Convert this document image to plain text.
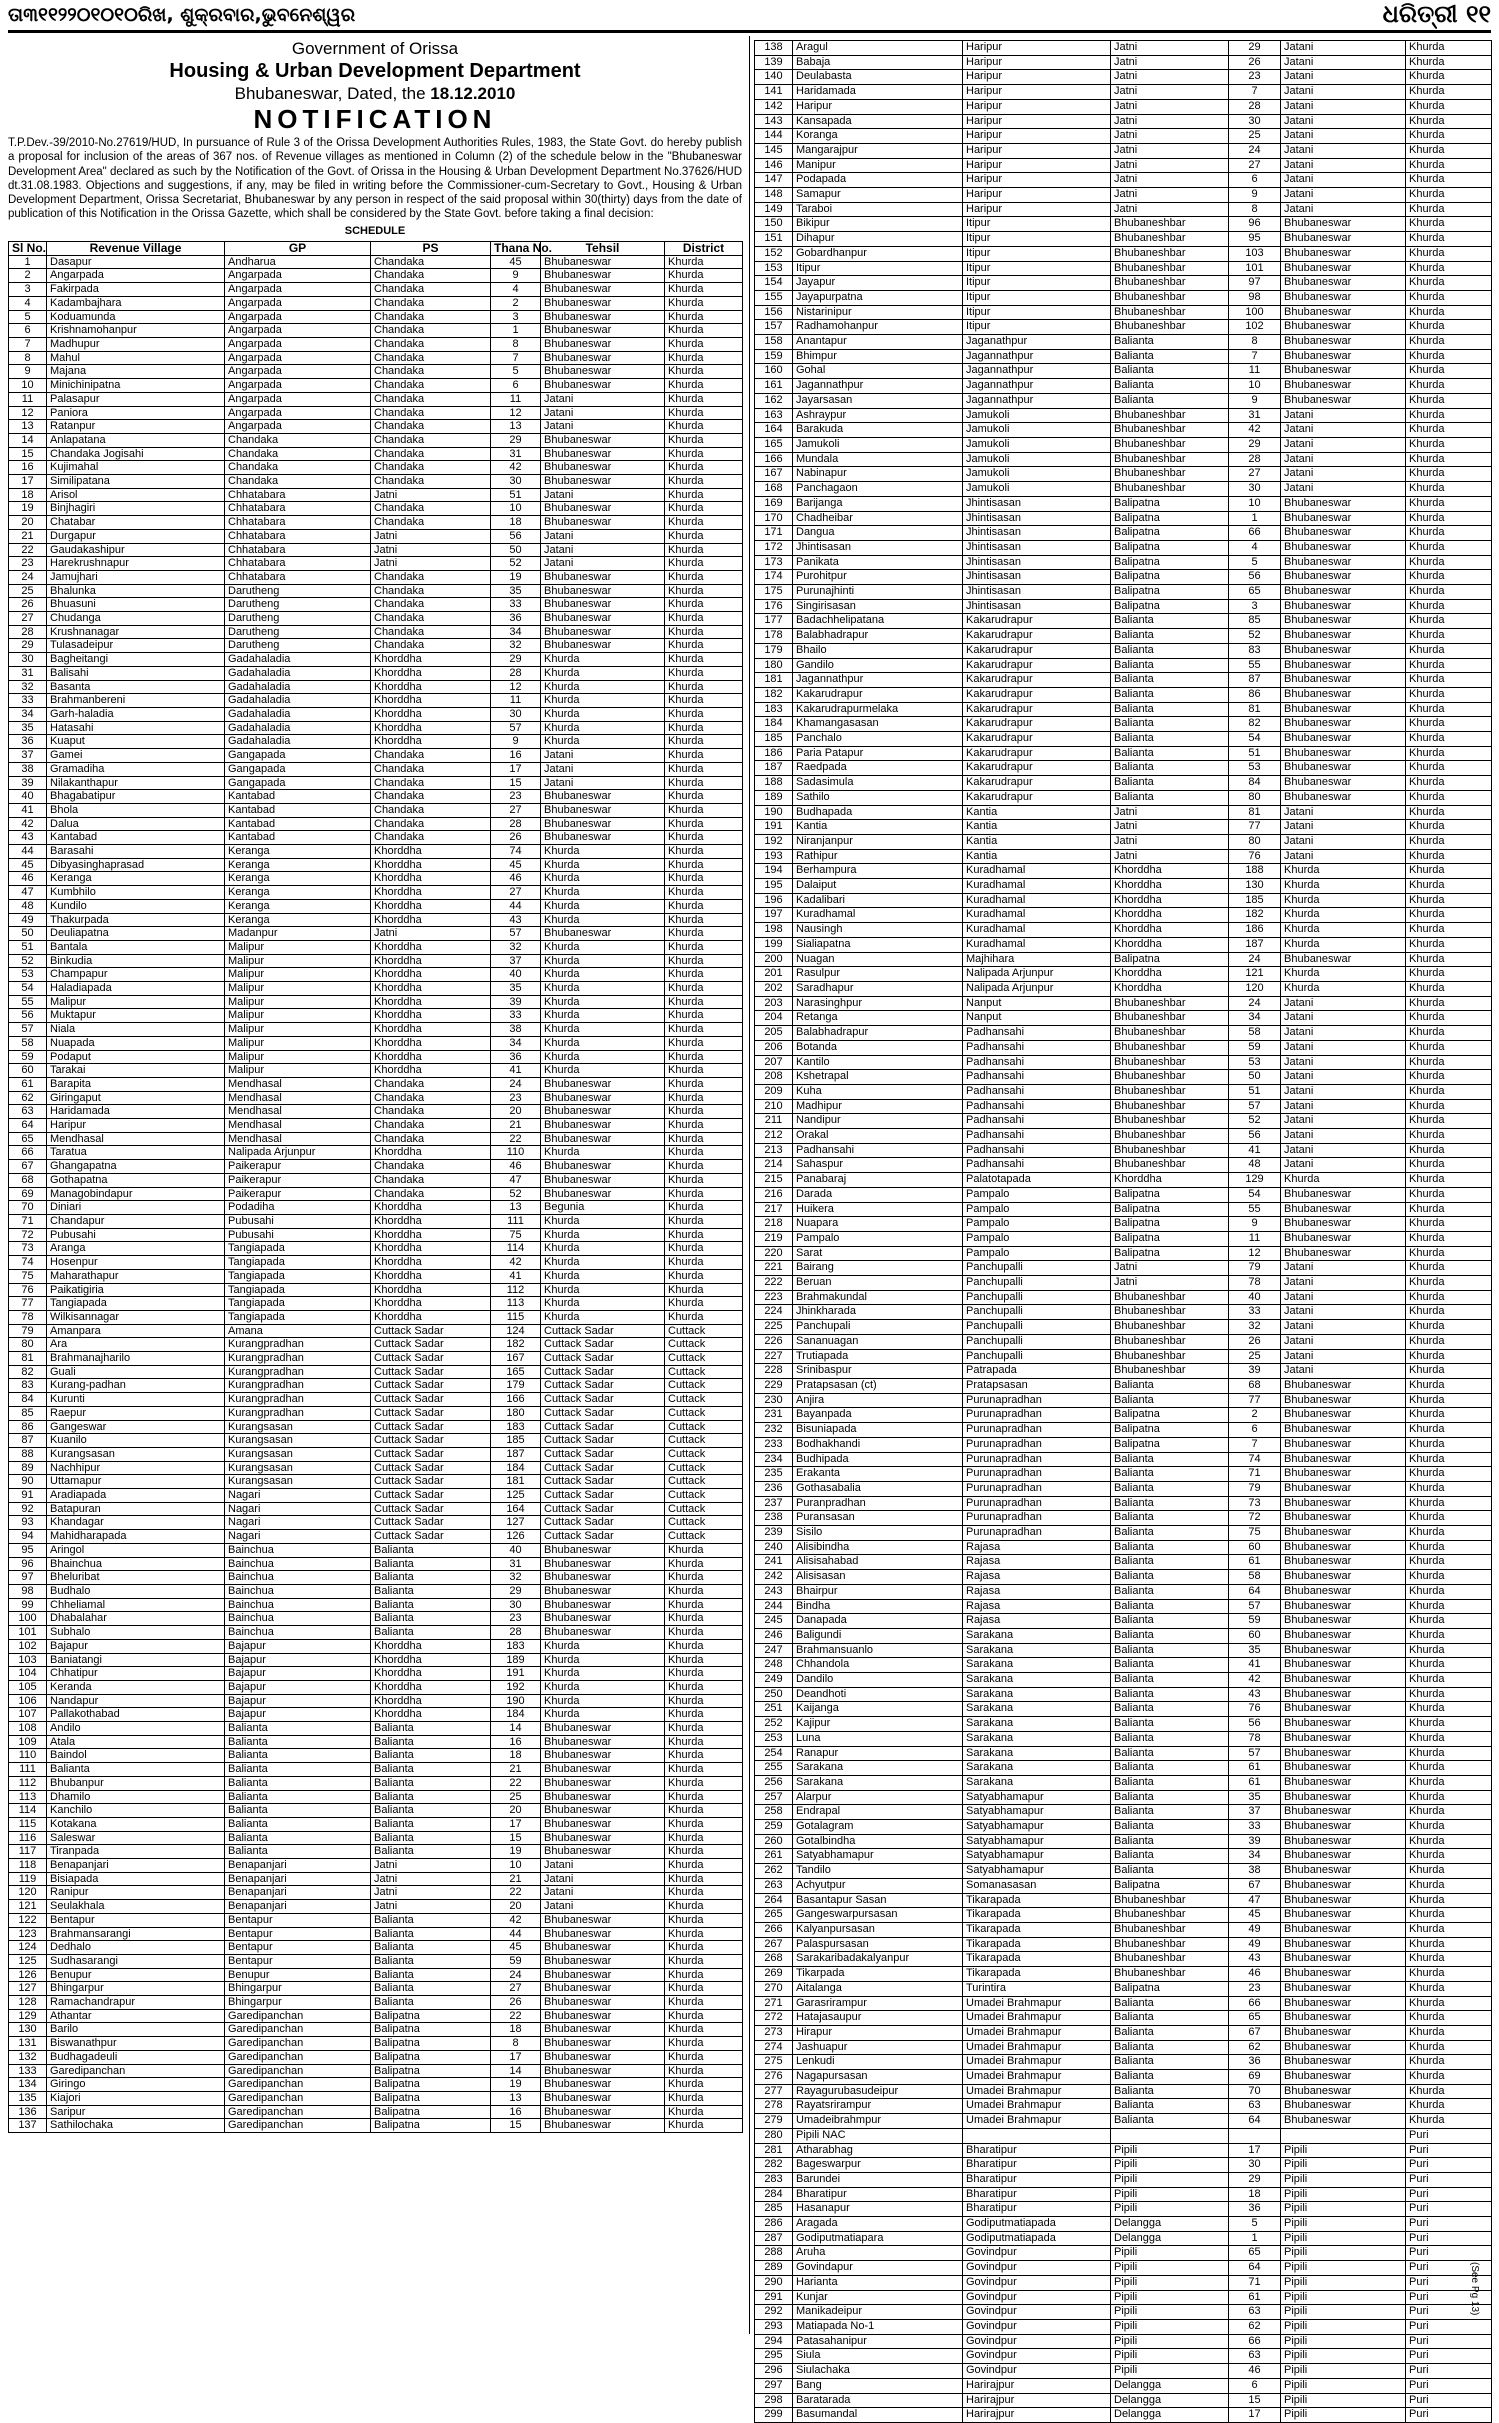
ତା୩୧୧୨୨୦୧୦୧୦ରିଖ, ଶୁକ୍ରବାର,ଭୁବନେଶ୍ୱର	ଧରିତ୍ରୀ ୧୧
Government of Orissa
Housing & Urban Development Department
Bhubaneswar, Dated, the 18.12.2010
NOTIFICATION
T.P.Dev.-39/2010-No.27619/HUD, In pursuance of Rule 3 of the Orissa Development Authorities Rules, 1983, the State Govt. do hereby publish a proposal for inclusion of the areas of 367 nos. of Revenue villages as mentioned in Column (2) of the schedule below in the "Bhubaneswar Development Area" declared as such by the Notification of the Govt. of Orissa in the Housing & Urban Development Department No.37626/HUD dt.31.08.1983. Objections and suggestions, if any, may be filed in writing before the Commissioner-cum-Secretary to Govt., Housing & Urban Development Department, Orissa Secretariat, Bhubaneswar by any person in respect of the said proposal within 30(thirty) days from the date of publication of this Notification in the Orissa Gazette, which shall be considered by the State Govt. before taking a final decision:
SCHEDULE
Sl No.	Revenue Village	GP	PS	Thana No.	Tehsil	District
1	Dasapur	Andharua	Chandaka	45	Bhubaneswar	Khurda
2	Angarpada	Angarpada	Chandaka	9	Bhubaneswar	Khurda
3	Fakirpada	Angarpada	Chandaka	4	Bhubaneswar	Khurda
4	Kadambajhara	Angarpada	Chandaka	2	Bhubaneswar	Khurda
5	Koduamunda	Angarpada	Chandaka	3	Bhubaneswar	Khurda
6	Krishnamohanpur	Angarpada	Chandaka	1	Bhubaneswar	Khurda
7	Madhupur	Angarpada	Chandaka	8	Bhubaneswar	Khurda
8	Mahul	Angarpada	Chandaka	7	Bhubaneswar	Khurda
9	Majana	Angarpada	Chandaka	5	Bhubaneswar	Khurda
10	Minichinipatna	Angarpada	Chandaka	6	Bhubaneswar	Khurda
11	Palasapur	Angarpada	Chandaka	11	Jatani	Khurda
12	Paniora	Angarpada	Chandaka	12	Jatani	Khurda
13	Ratanpur	Angarpada	Chandaka	13	Jatani	Khurda
14	Anlapatana	Chandaka	Chandaka	29	Bhubaneswar	Khurda
15	Chandaka Jogisahi	Chandaka	Chandaka	31	Bhubaneswar	Khurda
16	Kujimahal	Chandaka	Chandaka	42	Bhubaneswar	Khurda
17	Similipatana	Chandaka	Chandaka	30	Bhubaneswar	Khurda
18	Arisol	Chhatabara	Jatni	51	Jatani	Khurda
19	Binjhagiri	Chhatabara	Chandaka	10	Bhubaneswar	Khurda
20	Chatabar	Chhatabara	Chandaka	18	Bhubaneswar	Khurda
21	Durgapur	Chhatabara	Jatni	56	Jatani	Khurda
22	Gaudakashipur	Chhatabara	Jatni	50	Jatani	Khurda
23	Harekrushnapur	Chhatabara	Jatni	52	Jatani	Khurda
24	Jamujhari	Chhatabara	Chandaka	19	Bhubaneswar	Khurda
25	Bhalunka	Darutheng	Chandaka	35	Bhubaneswar	Khurda
26	Bhuasuni	Darutheng	Chandaka	33	Bhubaneswar	Khurda
27	Chudanga	Darutheng	Chandaka	36	Bhubaneswar	Khurda
28	Krushnanagar	Darutheng	Chandaka	34	Bhubaneswar	Khurda
29	Tulasadeipur	Darutheng	Chandaka	32	Bhubaneswar	Khurda
30	Bagheitangi	Gadahaladia	Khorddha	29	Khurda	Khurda
31	Balisahi	Gadahaladia	Khorddha	28	Khurda	Khurda
32	Basanta	Gadahaladia	Khorddha	12	Khurda	Khurda
33	Brahmanbereni	Gadahaladia	Khorddha	11	Khurda	Khurda
34	Garh-haladia	Gadahaladia	Khorddha	30	Khurda	Khurda
35	Hatasahi	Gadahaladia	Khorddha	57	Khurda	Khurda
36	Kuaput	Gadahaladia	Khorddha	9	Khurda	Khurda
37	Gamei	Gangapada	Chandaka	16	Jatani	Khurda
38	Gramadiha	Gangapada	Chandaka	17	Jatani	Khurda
39	Nilakanthapur	Gangapada	Chandaka	15	Jatani	Khurda
40	Bhagabatipur	Kantabad	Chandaka	23	Bhubaneswar	Khurda
41	Bhola	Kantabad	Chandaka	27	Bhubaneswar	Khurda
42	Dalua	Kantabad	Chandaka	28	Bhubaneswar	Khurda
43	Kantabad	Kantabad	Chandaka	26	Bhubaneswar	Khurda
44	Barasahi	Keranga	Khorddha	74	Khurda	Khurda
45	Dibyasinghaprasad	Keranga	Khorddha	45	Khurda	Khurda
46	Keranga	Keranga	Khorddha	46	Khurda	Khurda
47	Kumbhilo	Keranga	Khorddha	27	Khurda	Khurda
48	Kundilo	Keranga	Khorddha	44	Khurda	Khurda
49	Thakurpada	Keranga	Khorddha	43	Khurda	Khurda
50	Deuliapatna	Madanpur	Jatni	57	Bhubaneswar	Khurda
51	Bantala	Malipur	Khorddha	32	Khurda	Khurda
52	Binkudia	Malipur	Khorddha	37	Khurda	Khurda
53	Champapur	Malipur	Khorddha	40	Khurda	Khurda
54	Haladiapada	Malipur	Khorddha	35	Khurda	Khurda
55	Malipur	Malipur	Khorddha	39	Khurda	Khurda
56	Muktapur	Malipur	Khorddha	33	Khurda	Khurda
57	Niala	Malipur	Khorddha	38	Khurda	Khurda
58	Nuapada	Malipur	Khorddha	34	Khurda	Khurda
59	Podaput	Malipur	Khorddha	36	Khurda	Khurda
60	Tarakai	Malipur	Khorddha	41	Khurda	Khurda
61	Barapita	Mendhasal	Chandaka	24	Bhubaneswar	Khurda
62	Giringaput	Mendhasal	Chandaka	23	Bhubaneswar	Khurda
63	Haridamada	Mendhasal	Chandaka	20	Bhubaneswar	Khurda
64	Haripur	Mendhasal	Chandaka	21	Bhubaneswar	Khurda
65	Mendhasal	Mendhasal	Chandaka	22	Bhubaneswar	Khurda
66	Taratua	Nalipada Arjunpur	Khorddha	110	Khurda	Khurda
67	Ghangapatna	Paikerapur	Chandaka	46	Bhubaneswar	Khurda
68	Gothapatna	Paikerapur	Chandaka	47	Bhubaneswar	Khurda
69	Managobindapur	Paikerapur	Chandaka	52	Bhubaneswar	Khurda
70	Diniari	Podadiha	Khorddha	13	Begunia	Khurda
71	Chandapur	Pubusahi	Khorddha	111	Khurda	Khurda
72	Pubusahi	Pubusahi	Khorddha	75	Khurda	Khurda
73	Aranga	Tangiapada	Khorddha	114	Khurda	Khurda
74	Hosenpur	Tangiapada	Khorddha	42	Khurda	Khurda
75	Maharathapur	Tangiapada	Khorddha	41	Khurda	Khurda
76	Paikatigiria	Tangiapada	Khorddha	112	Khurda	Khurda
77	Tangiapada	Tangiapada	Khorddha	113	Khurda	Khurda
78	Wilkisannagar	Tangiapada	Khorddha	115	Khurda	Khurda
79	Amanpara	Amana	Cuttack Sadar	124	Cuttack Sadar	Cuttack
80	Ara	Kurangpradhan	Cuttack Sadar	182	Cuttack Sadar	Cuttack
81	Brahmanajharilo	Kurangpradhan	Cuttack Sadar	167	Cuttack Sadar	Cuttack
82	Guali	Kurangpradhan	Cuttack Sadar	165	Cuttack Sadar	Cuttack
83	Kurang-padhan	Kurangpradhan	Cuttack Sadar	179	Cuttack Sadar	Cuttack
84	Kurunti	Kurangpradhan	Cuttack Sadar	166	Cuttack Sadar	Cuttack
85	Raepur	Kurangpradhan	Cuttack Sadar	180	Cuttack Sadar	Cuttack
86	Gangeswar	Kurangsasan	Cuttack Sadar	183	Cuttack Sadar	Cuttack
87	Kuanilo	Kurangsasan	Cuttack Sadar	185	Cuttack Sadar	Cuttack
88	Kurangsasan	Kurangsasan	Cuttack Sadar	187	Cuttack Sadar	Cuttack
89	Nachhipur	Kurangsasan	Cuttack Sadar	184	Cuttack Sadar	Cuttack
90	Uttamapur	Kurangsasan	Cuttack Sadar	181	Cuttack Sadar	Cuttack
91	Aradiapada	Nagari	Cuttack Sadar	125	Cuttack Sadar	Cuttack
92	Batapuran	Nagari	Cuttack Sadar	164	Cuttack Sadar	Cuttack
93	Khandagar	Nagari	Cuttack Sadar	127	Cuttack Sadar	Cuttack
94	Mahidharapada	Nagari	Cuttack Sadar	126	Cuttack Sadar	Cuttack
95	Aringol	Bainchua	Balianta	40	Bhubaneswar	Khurda
96	Bhainchua	Bainchua	Balianta	31	Bhubaneswar	Khurda
97	Bheluribat	Bainchua	Balianta	32	Bhubaneswar	Khurda
98	Budhalo	Bainchua	Balianta	29	Bhubaneswar	Khurda
99	Chheliamal	Bainchua	Balianta	30	Bhubaneswar	Khurda
100	Dhabalahar	Bainchua	Balianta	23	Bhubaneswar	Khurda
101	Subhalo	Bainchua	Balianta	28	Bhubaneswar	Khurda
102	Bajapur	Bajapur	Khorddha	183	Khurda	Khurda
103	Baniatangi	Bajapur	Khorddha	189	Khurda	Khurda
104	Chhatipur	Bajapur	Khorddha	191	Khurda	Khurda
105	Keranda	Bajapur	Khorddha	192	Khurda	Khurda
106	Nandapur	Bajapur	Khorddha	190	Khurda	Khurda
107	Pallakothabad	Bajapur	Khorddha	184	Khurda	Khurda
108	Andilo	Balianta	Balianta	14	Bhubaneswar	Khurda
109	Atala	Balianta	Balianta	16	Bhubaneswar	Khurda
110	Baindol	Balianta	Balianta	18	Bhubaneswar	Khurda
111	Balianta	Balianta	Balianta	21	Bhubaneswar	Khurda
112	Bhubanpur	Balianta	Balianta	22	Bhubaneswar	Khurda
113	Dhamilo	Balianta	Balianta	25	Bhubaneswar	Khurda
114	Kanchilo	Balianta	Balianta	20	Bhubaneswar	Khurda
115	Kotakana	Balianta	Balianta	17	Bhubaneswar	Khurda
116	Saleswar	Balianta	Balianta	15	Bhubaneswar	Khurda
117	Tiranpada	Balianta	Balianta	19	Bhubaneswar	Khurda
118	Benapanjari	Benapanjari	Jatni	10	Jatani	Khurda
119	Bisiapada	Benapanjari	Jatni	21	Jatani	Khurda
120	Ranipur	Benapanjari	Jatni	22	Jatani	Khurda
121	Seulakhala	Benapanjari	Jatni	20	Jatani	Khurda
122	Bentapur	Bentapur	Balianta	42	Bhubaneswar	Khurda
123	Brahmansarangi	Bentapur	Balianta	44	Bhubaneswar	Khurda
124	Dedhalo	Bentapur	Balianta	45	Bhubaneswar	Khurda
125	Sudhasarangi	Bentapur	Balianta	59	Bhubaneswar	Khurda
126	Benupur	Benupur	Balianta	24	Bhubaneswar	Khurda
127	Bhingarpur	Bhingarpur	Balianta	27	Bhubaneswar	Khurda
128	Ramachandrapur	Bhingarpur	Balianta	26	Bhubaneswar	Khurda
129	Athantar	Garedipanchan	Balipatna	22	Bhubaneswar	Khurda
130	Barilo	Garedipanchan	Balipatna	18	Bhubaneswar	Khurda
131	Biswanathpur	Garedipanchan	Balipatna	8	Bhubaneswar	Khurda
132	Budhagadeuli	Garedipanchan	Balipatna	17	Bhubaneswar	Khurda
133	Garedipanchan	Garedipanchan	Balipatna	14	Bhubaneswar	Khurda
134	Giringo	Garedipanchan	Balipatna	19	Bhubaneswar	Khurda
135	Kiajori	Garedipanchan	Balipatna	13	Bhubaneswar	Khurda
136	Saripur	Garedipanchan	Balipatna	16	Bhubaneswar	Khurda
137	Sathilochaka	Garedipanchan	Balipatna	15	Bhubaneswar	Khurda
138	Aragul	Haripur	Jatni	29	Jatani	Khurda
139	Babaja	Haripur	Jatni	26	Jatani	Khurda
140	Deulabasta	Haripur	Jatni	23	Jatani	Khurda
141	Haridamada	Haripur	Jatni	7	Jatani	Khurda
142	Haripur	Haripur	Jatni	28	Jatani	Khurda
143	Kansapada	Haripur	Jatni	30	Jatani	Khurda
144	Koranga	Haripur	Jatni	25	Jatani	Khurda
145	Mangarajpur	Haripur	Jatni	24	Jatani	Khurda
146	Manipur	Haripur	Jatni	27	Jatani	Khurda
147	Podapada	Haripur	Jatni	6	Jatani	Khurda
148	Samapur	Haripur	Jatni	9	Jatani	Khurda
149	Taraboi	Haripur	Jatni	8	Jatani	Khurda
150	Bikipur	Itipur	Bhubaneshbar	96	Bhubaneswar	Khurda
151	Dihapur	Itipur	Bhubaneshbar	95	Bhubaneswar	Khurda
152	Gobardhanpur	Itipur	Bhubaneshbar	103	Bhubaneswar	Khurda
153	Itipur	Itipur	Bhubaneshbar	101	Bhubaneswar	Khurda
154	Jayapur	Itipur	Bhubaneshbar	97	Bhubaneswar	Khurda
155	Jayapurpatna	Itipur	Bhubaneshbar	98	Bhubaneswar	Khurda
156	Nistarinipur	Itipur	Bhubaneshbar	100	Bhubaneswar	Khurda
157	Radhamohanpur	Itipur	Bhubaneshbar	102	Bhubaneswar	Khurda
158	Anantapur	Jaganathpur	Balianta	8	Bhubaneswar	Khurda
159	Bhimpur	Jagannathpur	Balianta	7	Bhubaneswar	Khurda
160	Gohal	Jagannathpur	Balianta	11	Bhubaneswar	Khurda
161	Jagannathpur	Jagannathpur	Balianta	10	Bhubaneswar	Khurda
162	Jayarsasan	Jagannathpur	Balianta	9	Bhubaneswar	Khurda
163	Ashraypur	Jamukoli	Bhubaneshbar	31	Jatani	Khurda
164	Barakuda	Jamukoli	Bhubaneshbar	42	Jatani	Khurda
165	Jamukoli	Jamukoli	Bhubaneshbar	29	Jatani	Khurda
166	Mundala	Jamukoli	Bhubaneshbar	28	Jatani	Khurda
167	Nabinapur	Jamukoli	Bhubaneshbar	27	Jatani	Khurda
168	Panchagaon	Jamukoli	Bhubaneshbar	30	Jatani	Khurda
169	Barijanga	Jhintisasan	Balipatna	10	Bhubaneswar	Khurda
170	Chadheibar	Jhintisasan	Balipatna	1	Bhubaneswar	Khurda
171	Dangua	Jhintisasan	Balipatna	66	Bhubaneswar	Khurda
172	Jhintisasan	Jhintisasan	Balipatna	4	Bhubaneswar	Khurda
173	Panikata	Jhintisasan	Balipatna	5	Bhubaneswar	Khurda
174	Purohitpur	Jhintisasan	Balipatna	56	Bhubaneswar	Khurda
175	Purunajhinti	Jhintisasan	Balipatna	65	Bhubaneswar	Khurda
176	Singirisasan	Jhintisasan	Balipatna	3	Bhubaneswar	Khurda
177	Badachhelipatana	Kakarudrapur	Balianta	85	Bhubaneswar	Khurda
178	Balabhadrapur	Kakarudrapur	Balianta	52	Bhubaneswar	Khurda
179	Bhailo	Kakarudrapur	Balianta	83	Bhubaneswar	Khurda
180	Gandilo	Kakarudrapur	Balianta	55	Bhubaneswar	Khurda
181	Jagannathpur	Kakarudrapur	Balianta	87	Bhubaneswar	Khurda
182	Kakarudrapur	Kakarudrapur	Balianta	86	Bhubaneswar	Khurda
183	Kakarudrapurmelaka	Kakarudrapur	Balianta	81	Bhubaneswar	Khurda
184	Khamangasasan	Kakarudrapur	Balianta	82	Bhubaneswar	Khurda
185	Panchalo	Kakarudrapur	Balianta	54	Bhubaneswar	Khurda
186	Paria Patapur	Kakarudrapur	Balianta	51	Bhubaneswar	Khurda
187	Raedpada	Kakarudrapur	Balianta	53	Bhubaneswar	Khurda
188	Sadasimula	Kakarudrapur	Balianta	84	Bhubaneswar	Khurda
189	Sathilo	Kakarudrapur	Balianta	80	Bhubaneswar	Khurda
190	Budhapada	Kantia	Jatni	81	Jatani	Khurda
191	Kantia	Kantia	Jatni	77	Jatani	Khurda
192	Niranjanpur	Kantia	Jatni	80	Jatani	Khurda
193	Rathipur	Kantia	Jatni	76	Jatani	Khurda
194	Berhampura	Kuradhamal	Khorddha	188	Khurda	Khurda
195	Dalaiput	Kuradhamal	Khorddha	130	Khurda	Khurda
196	Kadalibari	Kuradhamal	Khorddha	185	Khurda	Khurda
197	Kuradhamal	Kuradhamal	Khorddha	182	Khurda	Khurda
198	Nausingh	Kuradhamal	Khorddha	186	Khurda	Khurda
199	Sialiapatna	Kuradhamal	Khorddha	187	Khurda	Khurda
200	Nuagan	Majhihara	Balipatna	24	Bhubaneswar	Khurda
201	Rasulpur	Nalipada Arjunpur	Khorddha	121	Khurda	Khurda
202	Saradhapur	Nalipada Arjunpur	Khorddha	120	Khurda	Khurda
203	Narasinghpur	Nanput	Bhubaneshbar	24	Jatani	Khurda
204	Retanga	Nanput	Bhubaneshbar	34	Jatani	Khurda
205	Balabhadrapur	Padhansahi	Bhubaneshbar	58	Jatani	Khurda
206	Botanda	Padhansahi	Bhubaneshbar	59	Jatani	Khurda
207	Kantilo	Padhansahi	Bhubaneshbar	53	Jatani	Khurda
208	Kshetrapal	Padhansahi	Bhubaneshbar	50	Jatani	Khurda
209	Kuha	Padhansahi	Bhubaneshbar	51	Jatani	Khurda
210	Madhipur	Padhansahi	Bhubaneshbar	57	Jatani	Khurda
211	Nandipur	Padhansahi	Bhubaneshbar	52	Jatani	Khurda
212	Orakal	Padhansahi	Bhubaneshbar	56	Jatani	Khurda
213	Padhansahi	Padhansahi	Bhubaneshbar	41	Jatani	Khurda
214	Sahaspur	Padhansahi	Bhubaneshbar	48	Jatani	Khurda
215	Panabaraj	Palatotapada	Khorddha	129	Khurda	Khurda
216	Darada	Pampalo	Balipatna	54	Bhubaneswar	Khurda
217	Huikera	Pampalo	Balipatna	55	Bhubaneswar	Khurda
218	Nuapara	Pampalo	Balipatna	9	Bhubaneswar	Khurda
219	Pampalo	Pampalo	Balipatna	11	Bhubaneswar	Khurda
220	Sarat	Pampalo	Balipatna	12	Bhubaneswar	Khurda
221	Bairang	Panchupalli	Jatni	79	Jatani	Khurda
222	Beruan	Panchupalli	Jatni	78	Jatani	Khurda
223	Brahmakundal	Panchupalli	Bhubaneshbar	40	Jatani	Khurda
224	Jhinkharada	Panchupalli	Bhubaneshbar	33	Jatani	Khurda
225	Panchupali	Panchupalli	Bhubaneshbar	32	Jatani	Khurda
226	Sananuagan	Panchupalli	Bhubaneshbar	26	Jatani	Khurda
227	Trutiapada	Panchupalli	Bhubaneshbar	25	Jatani	Khurda
228	Srinibaspur	Patrapada	Bhubaneshbar	39	Jatani	Khurda
229	Pratapsasan (ct)	Pratapsasan	Balianta	68	Bhubaneswar	Khurda
230	Anjira	Purunapradhan	Balianta	77	Bhubaneswar	Khurda
231	Bayanpada	Purunapradhan	Balipatna	2	Bhubaneswar	Khurda
232	Bisuniapada	Purunapradhan	Balipatna	6	Bhubaneswar	Khurda
233	Bodhakhandi	Purunapradhan	Balipatna	7	Bhubaneswar	Khurda
234	Budhipada	Purunapradhan	Balianta	74	Bhubaneswar	Khurda
235	Erakanta	Purunapradhan	Balianta	71	Bhubaneswar	Khurda
236	Gothasabalia	Purunapradhan	Balianta	79	Bhubaneswar	Khurda
237	Puranpradhan	Purunapradhan	Balianta	73	Bhubaneswar	Khurda
238	Puransasan	Purunapradhan	Balianta	72	Bhubaneswar	Khurda
239	Sisilo	Purunapradhan	Balianta	75	Bhubaneswar	Khurda
240	Alisibindha	Rajasa	Balianta	60	Bhubaneswar	Khurda
241	Alisisahabad	Rajasa	Balianta	61	Bhubaneswar	Khurda
242	Alisisasan	Rajasa	Balianta	58	Bhubaneswar	Khurda
243	Bhairpur	Rajasa	Balianta	64	Bhubaneswar	Khurda
244	Bindha	Rajasa	Balianta	57	Bhubaneswar	Khurda
245	Danapada	Rajasa	Balianta	59	Bhubaneswar	Khurda
246	Baligundi	Sarakana	Balianta	60	Bhubaneswar	Khurda
247	Brahmansuanlo	Sarakana	Balianta	35	Bhubaneswar	Khurda
248	Chhandola	Sarakana	Balianta	41	Bhubaneswar	Khurda
249	Dandilo	Sarakana	Balianta	42	Bhubaneswar	Khurda
250	Deandhoti	Sarakana	Balianta	43	Bhubaneswar	Khurda
251	Kaijanga	Sarakana	Balianta	76	Bhubaneswar	Khurda
252	Kajipur	Sarakana	Balianta	56	Bhubaneswar	Khurda
253	Luna	Sarakana	Balianta	78	Bhubaneswar	Khurda
254	Ranapur	Sarakana	Balianta	57	Bhubaneswar	Khurda
255	Sarakana	Sarakana	Balianta	61	Bhubaneswar	Khurda
256	Sarakana	Sarakana	Balianta	61	Bhubaneswar	Khurda
257	Alarpur	Satyabhamapur	Balianta	35	Bhubaneswar	Khurda
258	Endrapal	Satyabhamapur	Balianta	37	Bhubaneswar	Khurda
259	Gotalagram	Satyabhamapur	Balianta	33	Bhubaneswar	Khurda
260	Gotalbindha	Satyabhamapur	Balianta	39	Bhubaneswar	Khurda
261	Satyabhamapur	Satyabhamapur	Balianta	34	Bhubaneswar	Khurda
262	Tandilo	Satyabhamapur	Balianta	38	Bhubaneswar	Khurda
263	Achyutpur	Somanasasan	Balipatna	67	Bhubaneswar	Khurda
264	Basantapur Sasan	Tikarapada	Bhubaneshbar	47	Bhubaneswar	Khurda
265	Gangeswarpursasan	Tikarapada	Bhubaneshbar	45	Bhubaneswar	Khurda
266	Kalyanpursasan	Tikarapada	Bhubaneshbar	49	Bhubaneswar	Khurda
267	Palaspursasan	Tikarapada	Bhubaneshbar	49	Bhubaneswar	Khurda
268	Sarakaribadakalyanpur	Tikarapada	Bhubaneshbar	43	Bhubaneswar	Khurda
269	Tikarpada	Tikarapada	Bhubaneshbar	46	Bhubaneswar	Khurda
270	Aitalanga	Turintira	Balipatna	23	Bhubaneswar	Khurda
271	Garasrirampur	Umadei Brahmapur	Balianta	66	Bhubaneswar	Khurda
272	Hatajasaupur	Umadei Brahmapur	Balianta	65	Bhubaneswar	Khurda
273	Hirapur	Umadei Brahmapur	Balianta	67	Bhubaneswar	Khurda
274	Jashuapur	Umadei Brahmapur	Balianta	62	Bhubaneswar	Khurda
275	Lenkudi	Umadei Brahmapur	Balianta	36	Bhubaneswar	Khurda
276	Nagapursasan	Umadei Brahmapur	Balianta	69	Bhubaneswar	Khurda
277	Rayagurubasudeipur	Umadei Brahmapur	Balianta	70	Bhubaneswar	Khurda
278	Rayatsrirampur	Umadei Brahmapur	Balianta	63	Bhubaneswar	Khurda
279	Umadeibrahmpur	Umadei Brahmapur	Balianta	64	Bhubaneswar	Khurda
280	Pipili NAC					Puri
281	Atharabhag	Bharatipur	Pipili	17	Pipili	Puri
282	Bageswarpur	Bharatipur	Pipili	30	Pipili	Puri
283	Barundei	Bharatipur	Pipili	29	Pipili	Puri
284	Bharatipur	Bharatipur	Pipili	18	Pipili	Puri
285	Hasanapur	Bharatipur	Pipili	36	Pipili	Puri
286	Aragada	Godiputmatiapada	Delangga	5	Pipili	Puri
287	Godiputmatiapara	Godiputmatiapada	Delangga	1	Pipili	Puri
288	Aruha	Govindpur	Pipili	65	Pipili	Puri
289	Govindapur	Govindpur	Pipili	64	Pipili	Puri
290	Harianta	Govindpur	Pipili	71	Pipili	Puri
291	Kunjar	Govindpur	Pipili	61	Pipili	Puri
292	Manikadeipur	Govindpur	Pipili	63	Pipili	Puri
293	Matiapada No-1	Govindpur	Pipili	62	Pipili	Puri
294	Patasahanipur	Govindpur	Pipili	66	Pipili	Puri
295	Siula	Govindpur	Pipili	63	Pipili	Puri
296	Siulachaka	Govindpur	Pipili	46	Pipili	Puri
297	Bang	Harirajpur	Delangga	6	Pipili	Puri
298	Baratarada	Harirajpur	Delangga	15	Pipili	Puri
299	Basumandal	Harirajpur	Delangga	17	Pipili	Puri
(See Pg 13)
